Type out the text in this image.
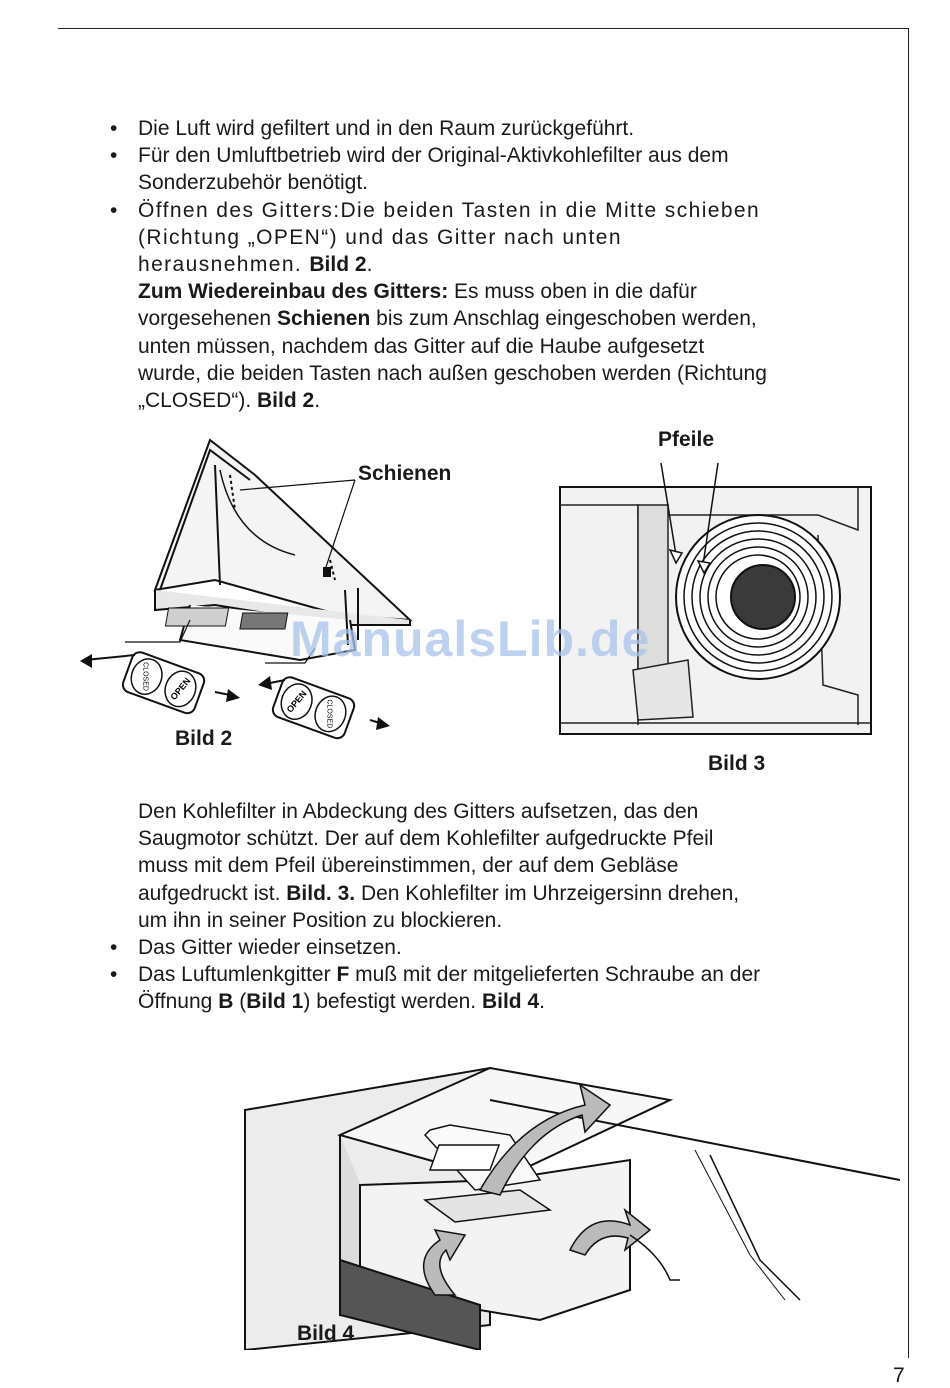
• Die Luft wird gefiltert und in den Raum zurückgeführt.
• Für den Umluftbetrieb wird der Original-Aktivkohlefilter aus dem
Sonderzubehör benötigt.
• Öffnen des Gitters:Die beiden Tasten in die Mitte schieben
(Richtung „OPEN“) und das Gitter nach unten
herausnehmen. Bild 2.
Zum Wiedereinbau des Gitters: Es muss oben in die dafür
vorgesehenen Schienen bis zum Anschlag eingeschoben werden,
unten müssen, nachdem das Gitter auf die Haube aufgesetzt
wurde, die beiden Tasten nach außen geschoben werden (Richtung
„CLOSED“). Bild 2.
CLOSED OPEN	OPEN CLOSED
Schienen
Bild 2
Pfeile
Bild 3
ManualsLib.de
Den Kohlefilter in Abdeckung des Gitters aufsetzen, das den
Saugmotor schützt. Der auf dem Kohlefilter aufgedruckte Pfeil
muss mit dem Pfeil übereinstimmen, der auf dem Gebläse
aufgedruckt ist. Bild. 3. Den Kohlefilter im Uhrzeigersinn drehen,
um ihn in seiner Position zu blockieren.
• Das Gitter wieder einsetzen.
• Das Luftumlenkgitter F muß mit der mitgelieferten Schraube an der
Öffnung B (Bild 1) befestigt werden. Bild 4.
Bild 4
7
